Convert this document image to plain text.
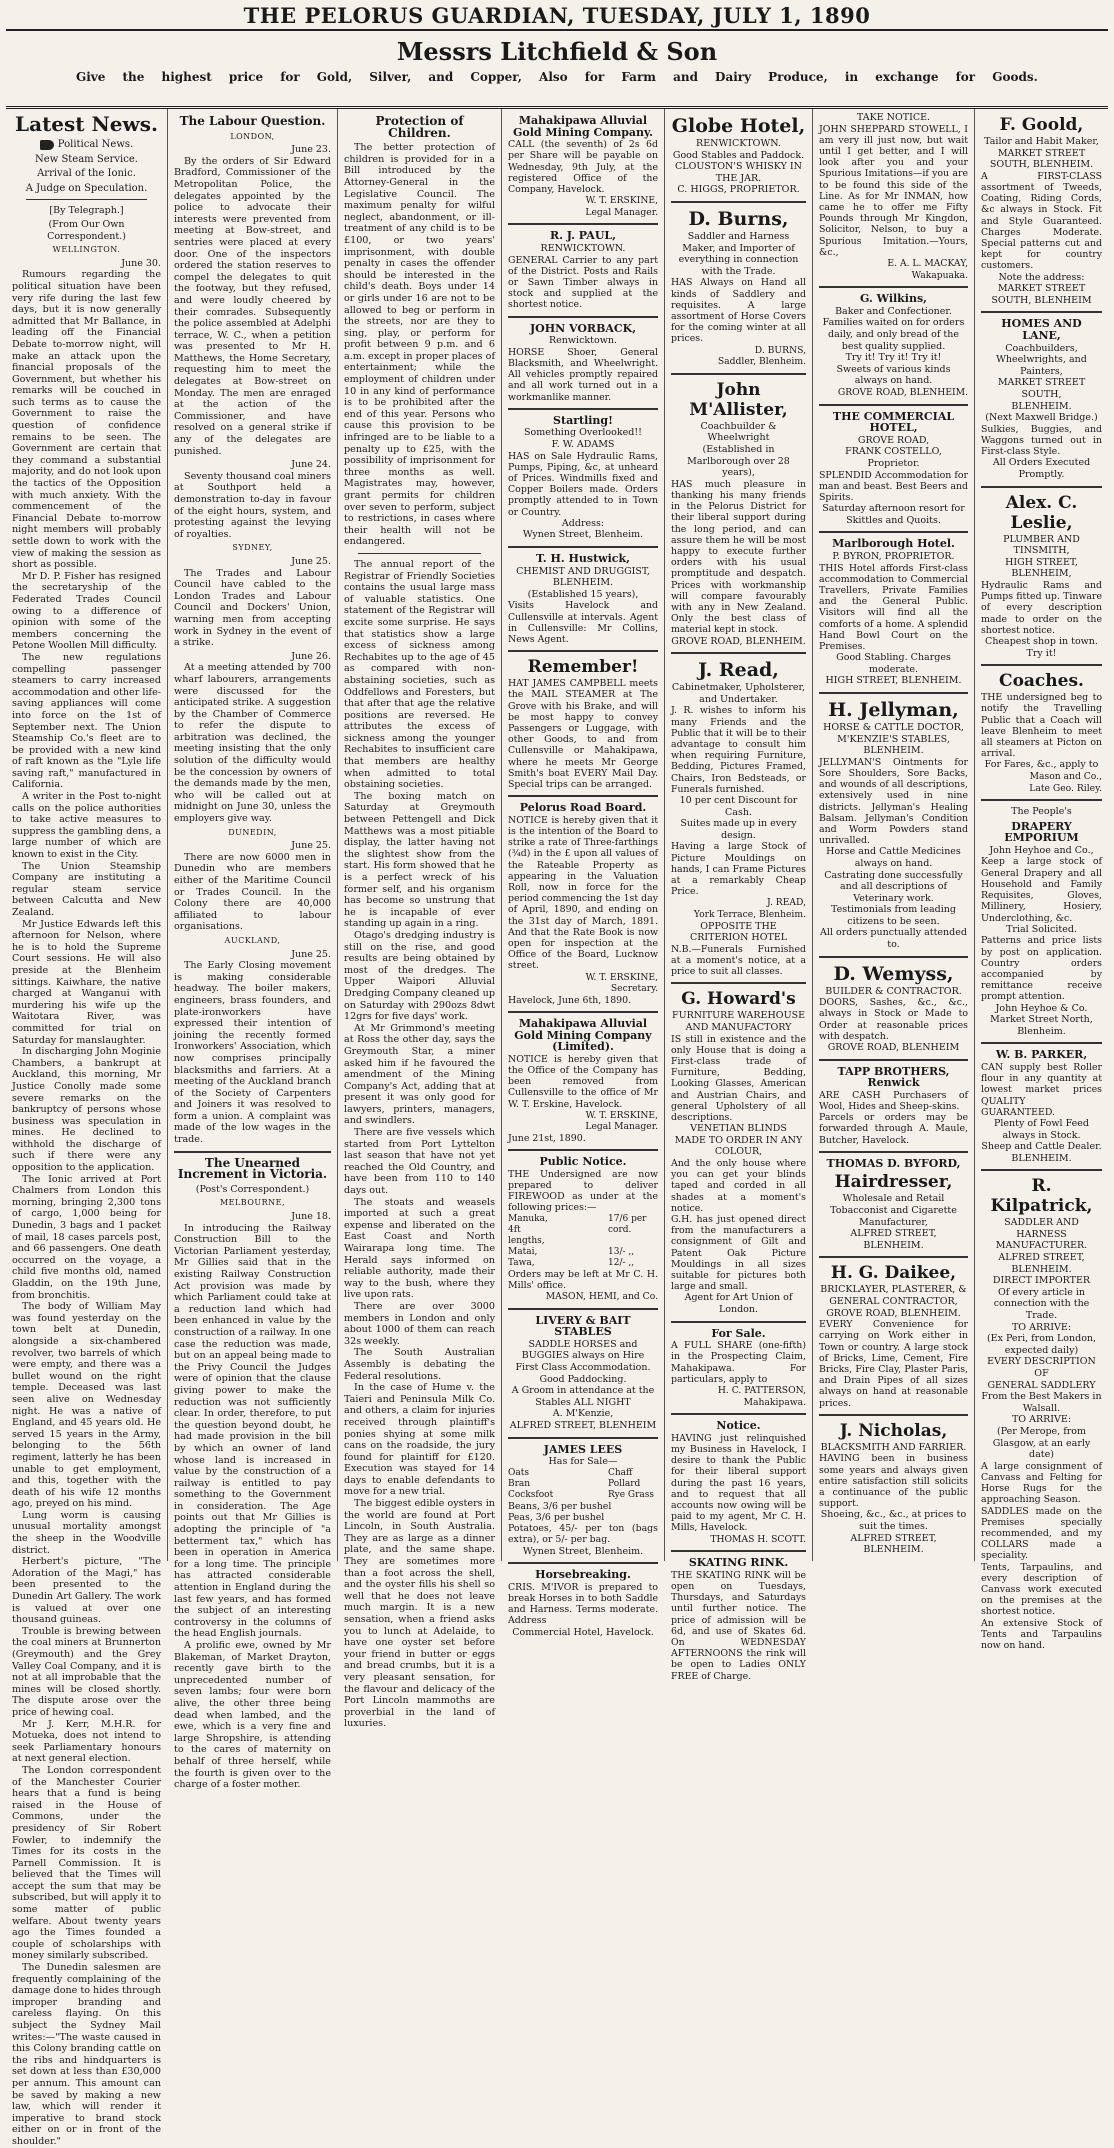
THE PELORUS GUARDIAN, TUESDAY, JULY 1, 1890
Messrs Litchfield & Son
Give the highest price for Gold, Silver, and Copper, Also for Farm and Dairy Produce, in exchange for Goods.
Latest News.
Political News.
New Steam Service.
Arrival of the Ionic.
A Judge on Speculation.
[By Telegraph.]
(From Our Own Correspondent.)
WELLINGTON.
June 30.

Rumours regarding the political situation have been very rife during the last few days, but it is now generally admitted that Mr Ballance, in leading off the Financial Debate to-morrow night, will make an attack upon the financial proposals of the Government, but whether his remarks will be couched in such terms as to cause the Government to raise the question of confidence remains to be seen. The Government are certain that they command a substantial majority, and do not look upon the tactics of the Opposition with much anxiety. With the commencement of the Financial Debate to-morrow night members will probably settle down to work with the view of making the session as short as possible.

Mr D. P. Fisher has resigned the secretaryship of the Federated Trades Council owing to a difference of opinion with some of the members concerning the Petone Woollen Mill difficulty.

The new regulations compelling passenger steamers to carry increased accommodation and other life-saving appliances will come into force on the 1st of September next. The Union Steamship Co.'s fleet are to be provided with a new kind of raft known as the "Lyle life saving raft," manufactured in California.

A writer in the Post to-night calls on the police authorities to take active measures to suppress the gambling dens, a large number of which are known to exist in the City.

The Union Steamship Company are instituting a regular steam service between Calcutta and New Zealand.

Mr Justice Edwards left this afternoon for Nelson, where he is to hold the Supreme Court sessions. He will also preside at the Blenheim sittings. Kaiwhare, the native charged at Wanganui with murdering his wife up the Waitotara River, was committed for trial on Saturday for manslaughter.

In discharging John Moginie Chambers, a bankrupt at Auckland, this morning, Mr Justice Conolly made some severe remarks on the bankruptcy of persons whose business was speculation in mines. He declined to withhold the discharge of such if there were any opposition to the application.

The Ionic arrived at Port Chalmers from London this morning, bringing 2,300 tons of cargo, 1,000 being for Dunedin, 3 bags and 1 packet of mail, 18 cases parcels post, and 66 passengers. One death occurred on the voyage, a child five months old, named Gladdin, on the 19th June, from bronchitis.

The body of William May was found yesterday on the town belt at Dunedin, alongside a six-chambered revolver, two barrels of which were empty, and there was a bullet wound on the right temple. Deceased was last seen alive on Wednesday night. He was a native of England, and 45 years old. He served 15 years in the Army, belonging to the 56th regiment, latterly he has been unable to get employment, and this, together with the death of his wife 12 months ago, preyed on his mind.

Lung worm is causing unusual mortality amongst the sheep in the Woodville district.

Herbert's picture, "The Adoration of the Magi," has been presented to the Dunedin Art Gallery. The work is valued at over one thousand guineas.

Trouble is brewing between the coal miners at Brunnerton (Greymouth) and the Grey Valley Coal Company, and it is not at all improbable that the mines will be closed shortly. The dispute arose over the price of hewing coal.

Mr J. Kerr, M.H.R. for Motueka, does not intend to seek Parliamentary honours at next general election.

The London correspondent of the Manchester Courier hears that a fund is being raised in the House of Commons, under the presidency of Sir Robert Fowler, to indemnify the Times for its costs in the Parnell Commission. It is believed that the Times will accept the sum that may be subscribed, but will apply it to some matter of public welfare. About twenty years ago the Times founded a couple of scholarships with money similarly subscribed.

The Dunedin salesmen are frequently complaining of the damage done to hides through improper branding and careless flaying. On this subject the Sydney Mail writes:—"The waste caused in this Colony branding cattle on the ribs and hindquarters is set down at less than £30,000 per annum. This amount can be saved by making a new law, which will render it imperative to brand stock either on or in front of the shoulder."

The Labour Question.
LONDON,
June 23.

By the orders of Sir Edward Bradford, Commissioner of the Metropolitan Police, the delegates appointed by the police to advocate their interests were prevented from meeting at Bow-street, and sentries were placed at every door. One of the inspectors ordered the station reserves to compel the delegates to quit the footway, but they refused, and were loudly cheered by their comrades. Subsequently the police assembled at Adelphi terrace, W. C., when a petition was presented to Mr H. Matthews, the Home Secretary, requesting him to meet the delegates at Bow-street on Monday. The men are enraged at the action of the Commissioner, and have resolved on a general strike if any of the delegates are punished.

June 24.

Seventy thousand coal miners at Southport held a demonstration to-day in favour of the eight hours, system, and protesting against the levying of royalties.

SYDNEY,
June 25.

The Trades and Labour Council have cabled to the London Trades and Labour Council and Dockers' Union, warning men from accepting work in Sydney in the event of a strike.

June 26.

At a meeting attended by 700 wharf labourers, arrangements were discussed for the anticipated strike. A suggestion by the Chamber of Commerce to refer the dispute to arbitration was declined, the meeting insisting that the only solution of the difficulty would be the concession by owners of the demands made by the men, who will be called out at midnight on June 30, unless the employers give way.

DUNEDIN,
June 25.

There are now 6000 men in Dunedin who are members either of the Maritime Council or Trades Council. In the Colony there are 40,000 affiliated to labour organisations.

AUCKLAND,
June 25.

The Early Closing movement is making considerable headway. The boiler makers, engineers, brass founders, and plate-ironworkers have expressed their intention of joining the recently formed Ironworkers' Association, which now comprises principally blacksmiths and farriers. At a meeting of the Auckland branch of the Society of Carpenters and Joiners it was resolved to form a union. A complaint was made of the low wages in the trade.

The Unearned Increment in Victoria.
(Post's Correspondent.)
MELBOURNE,
June 18.

In introducing the Railway Construction Bill to the Victorian Parliament yesterday, Mr Gillies said that in the existing Railway Construction Act provision was made by which Parliament could take at a reduction land which had been enhanced in value by the construction of a railway. In one case the reduction was made, but on an appeal being made to the Privy Council the Judges were of opinion that the clause giving power to make the reduction was not sufficiently clear. In order, therefore, to put the question beyond doubt, he had made provision in the bill by which an owner of land whose land is increased in value by the construction of a railway is entitled to pay something to the Government in consideration. The Age points out that Mr Gillies is adopting the principle of "a betterment tax," which has been in operation in America for a long time. The principle has attracted considerable attention in England during the last few years, and has formed the subject of an interesting controversy in the columns of the head English journals.

A prolific ewe, owned by Mr Blakeman, of Market Drayton, recently gave birth to the unprecedented number of seven lambs; four were born alive, the other three being dead when lambed, and the ewe, which is a very fine and large Shropshire, is attending to the cares of maternity on behalf of three herself, while the fourth is given over to the charge of a foster mother.

Protection of Children.

The better protection of children is provided for in a Bill introduced by the Attorney-General in the Legislative Council. The maximum penalty for wilful neglect, abandonment, or ill-treatment of any child is to be £100, or two years' imprisonment, with double penalty in cases the offender should be interested in the child's death. Boys under 14 or girls under 16 are not to be allowed to beg or perform in the streets, nor are they to sing, play, or perform for profit between 9 p.m. and 6 a.m. except in proper places of entertainment; while the employment of children under 10 in any kind of performance is to be prohibited after the end of this year. Persons who cause this provision to be infringed are to be liable to a penalty up to £25, with the possibility of imprisonment for three months as well. Magistrates may, however, grant permits for children over seven to perform, subject to restrictions, in cases where their health will not be endangered.

The annual report of the Registrar of Friendly Societies contains the usual large mass of valuable statistics. One statement of the Registrar will excite some surprise. He says that statistics show a large excess of sickness among Rechabites up to the age of 45 as compared with non-abstaining societies, such as Oddfellows and Foresters, but that after that age the relative positions are reversed. He attributes the excess of sickness among the younger Rechabites to insufficient care that members are healthy when admitted to total obstaining societies.

The boxing match on Saturday at Greymouth between Pettengell and Dick Matthews was a most pitiable display, the latter having not the slightest show from the start. His form showed that he is a perfect wreck of his former self, and his organism has become so unstrung that he is incapable of ever standing up again in a ring.

Otago's dredging industry is still on the rise, and good results are being obtained by most of the dredges. The Upper Waipori Alluvial Dredging Company cleaned up on Saturday with 290ozs 8dwt 12grs for five days' work.

At Mr Grimmond's meeting at Ross the other day, says the Greymouth Star, a miner asked him if he favoured the amendment of the Mining Company's Act, adding that at present it was only good for lawyers, printers, managers, and swindlers.

There are five vessels which started from Port Lyttelton last season that have not yet reached the Old Country, and have been from 110 to 140 days out.

The stoats and weasels imported at such a great expense and liberated on the East Coast and North Wairarapa long time. The Herald says informed on reliable authority, made their way to the bush, where they live upon rats.

There are over 3000 members in London and only about 1000 of them can reach 32s weekly.

The South Australian Assembly is debating the Federal resolutions.

In the case of Hume v. the Taieri and Peninsula Milk Co. and others, a claim for injuries received through plaintiff's ponies shying at some milk cans on the roadside, the jury found for plaintiff for £120. Execution was stayed for 14 days to enable defendants to move for a new trial.

The biggest edible oysters in the world are found at Port Lincoln, in South Australia. They are as large as a dinner plate, and the same shape. They are sometimes more than a foot across the shell, and the oyster fills his shell so well that he does not leave much margin. It is a new sensation, when a friend asks you to lunch at Adelaide, to have one oyster set before your friend in butter or eggs and bread crumbs, but it is a very pleasant sensation, for the flavour and delicacy of the Port Lincoln mammoths are proverbial in the land of luxuries.

Mahakipawa Alluvial Gold Mining Company.
CALL (the seventh) of 2s 6d per Share will be payable on Wednesday, 9th July, at the registered Office of the Company, Havelock.
W. T. ERSKINE,
Legal Manager.
R. J. PAUL,
RENWICKTOWN.
GENERAL Carrier to any part of the District. Posts and Rails or Sawn Timber always in stock and supplied at the shortest notice.
JOHN VORBACK,
Renwicktown.
HORSE Shoer, General Blacksmith, and Wheelwright. All vehicles promptly repaired and all work turned out in a workmanlike manner.
Startling!
Something Overlooked!!
F. W. ADAMS
HAS on Sale Hydraulic Rams, Pumps, Piping, &c, at unheard of Prices. Windmills fixed and Copper Boilers made. Orders promptly attended to in Town or Country.
Address:
Wynen Street, Blenheim.
T. H. Hustwick,
CHEMIST AND DRUGGIST,
BLENHEIM.
(Established 15 years),
Visits Havelock and Cullensville at intervals. Agent in Cullensville: Mr Collins, News Agent.
Remember!
HAT JAMES CAMPBELL meets the MAIL STEAMER at The Grove with his Brake, and will be most happy to convey Passengers or Luggage, with other Goods, to and from Cullensville or Mahakipawa, where he meets Mr George Smith's boat EVERY Mail Day. Special trips can be arranged.
Pelorus Road Board.
NOTICE is hereby given that it is the intention of the Board to strike a rate of Three-farthings (¾d) in the £ upon all values of the Rateable Property as appearing in the Valuation Roll, now in force for the period commencing the 1st day of April, 1890, and ending on the 31st day of March, 1891. And that the Rate Book is now open for inspection at the Office of the Board, Lucknow street.
W. T. ERSKINE,
Secretary.
Havelock, June 6th, 1890.
Mahakipawa Alluvial Gold Mining Company (Limited).
NOTICE is hereby given that the Office of the Company has been removed from Cullensville to the office of Mr W. T. Erskine, Havelock.
W. T. ERSKINE,
Legal Manager.
June 21st, 1890.
Public Notice.
THE Undersigned are now prepared to deliver FIREWOOD as under at the following prices:—
Manuka, 4ft lengths,
17/6 per cord.
Matai,	13/- ,,
Tawa,	12/- ,,
Orders may be left at Mr C. H. Mills' office.
MASON, HEMI, and Co.
LIVERY & BAIT STABLES
SADDLE HORSES and BUGGIES always on Hire
First Class Accommodation.
Good Paddocking.
A Groom in attendance at the Stables ALL NIGHT
A. M'Kenzie,
ALFRED STREET, BLENHEIM
JAMES LEES
Has for Sale—
Oats	Chaff
Bran	Pollard
Cocksfoot	Rye Grass
Beans, 3/6 per bushel
Peas, 3/6 per bushel
Potatoes, 45/- per ton (bags extra), or 5/- per bag.
Wynen Street, Blenheim.
Horsebreaking.
CRIS. M'IVOR is prepared to break Horses in to both Saddle and Harness. Terms moderate. Address
Commercial Hotel, Havelock.
Globe Hotel,
RENWICKTOWN.
Good Stables and Paddock.
CLOUSTON'S WHISKY IN THE JAR.
C. HIGGS, PROPRIETOR.
D. Burns,
Saddler and Harness Maker, and Importer of everything in connection with the Trade.
HAS Always on Hand all kinds of Saddlery and requisites. A large assortment of Horse Covers for the coming winter at all prices.
D. BURNS,
Saddler, Blenheim.
John M'Allister,
Coachbuilder & Wheelwright
(Established in Marlborough over 28 years),
HAS much pleasure in thanking his many friends in the Pelorus District for their liberal support during the long period, and can assure them he will be most happy to execute further orders with his usual promptitude and despatch. Prices with workmanship will compare favourably with any in New Zealand. Only the best class of material kept in stock.
GROVE ROAD, BLENHEIM.
J. Read,
Cabinetmaker, Upholsterer, and Undertaker.
J. R. wishes to inform his many Friends and the Public that it will be to their advantage to consult him when requiring Furniture, Bedding, Pictures Framed, Chairs, Iron Bedsteads, or Funerals furnished.
10 per cent Discount for Cash.
Suites made up in every design.
Having a large Stock of Picture Mouldings on hands, I can Frame Pictures at a remarkably Cheap Price.
J. READ,
York Terrace, Blenheim.
OPPOSITE THE CRITERION HOTEL
N.B.—Funerals Furnished at a moment's notice, at a price to suit all classes.
G. Howard's
FURNITURE WAREHOUSE
AND MANUFACTORY
IS still in existence and the only House that is doing a First-class trade of Furniture, Bedding, Looking Glasses, American and Austrian Chairs, and general Upholstery of all descriptions.
VENETIAN BLINDS
MADE TO ORDER IN ANY COLOUR,
And the only house where you can get your blinds taped and corded in all shades at a moment's notice.
G.H. has just opened direct from the manufacturers a consignment of Gilt and Patent Oak Picture Mouldings in all sizes suitable for pictures both large and small.
Agent for Art Union of London.
For Sale.
A FULL SHARE (one-fifth) in the Prospecting Claim, Mahakipawa. For particulars, apply to
H. C. PATTERSON,
Mahakipawa.
Notice.
HAVING just relinquished my Business in Havelock, I desire to thank the Public for their liberal support during the past 16 years, and to request that all accounts now owing will be paid to my agent, Mr C. H. Mills, Havelock.
THOMAS H. SCOTT.
SKATING RINK.
THE SKATING RINK will be open on Tuesdays, Thursdays, and Saturdays until further notice. The price of admission will be 6d, and use of Skates 6d. On WEDNESDAY AFTERNOONS the rink will be open to Ladies ONLY FREE of Charge.
TAKE NOTICE.
JOHN SHEPPARD STOWELL, I am very ill just now, but wait until I get better, and I will look after you and your Spurious Imitations—if you are to be found this side of the Line. As for Mr INMAN, how came he to offer me Fifty Pounds through Mr Kingdon, Solicitor, Nelson, to buy a Spurious Imitation.—Yours, &c.,
E. A. L. MACKAY,
Wakapuaka.
G. Wilkins,
Baker and Confectioner.
Families waited on for orders daily, and only bread of the best quality supplied.
Try it! Try it! Try it!
Sweets of various kinds always on hand.
GROVE ROAD, BLENHEIM.
THE COMMERCIAL HOTEL,
GROVE ROAD,
FRANK COSTELLO, Proprietor.
SPLENDID Accommodation for man and beast. Best Beers and Spirits.
Saturday afternoon resort for Skittles and Quoits.
Marlborough Hotel.
P. BYRON, PROPRIETOR.
THIS Hotel affords First-class accommodation to Commercial Travellers, Private Families and the General Public. Visitors will find all the comforts of a home. A splendid Hand Bowl Court on the Premises.
Good Stabling. Charges moderate.
HIGH STREET, BLENHEIM.
H. Jellyman,
HORSE & CATTLE DOCTOR,
M'KENZIE'S STABLES, BLENHEIM.
JELLYMAN'S Ointments for Sore Shoulders, Sore Backs, and wounds of all descriptions, extensively used in nine districts. Jellyman's Healing Balsam. Jellyman's Condition and Worm Powders stand unrivalled.
Horse and Cattle Medicines always on hand.
Castrating done successfully and all descriptions of Veterinary work.
Testimonials from leading citizens to be seen.
All orders punctually attended to.
D. Wemyss,
BUILDER & CONTRACTOR.
DOORS, Sashes, &c., &c., always in Stock or Made to Order at reasonable prices with despatch.
GROVE ROAD, BLENHEIM
TAPP BROTHERS, Renwick
ARE CASH Purchasers of Wool, Hides and Sheep-skins.
Parcels or orders may be forwarded through A. Maule, Butcher, Havelock.
THOMAS D. BYFORD,
Hairdresser,
Wholesale and Retail
Tobacconist and Cigarette Manufacturer,
ALFRED STREET, BLENHEIM.
H. G. Daikee,
BRICKLAYER, PLASTERER, & GENERAL CONTRACTOR,
GROVE ROAD, BLENHEIM.
EVERY Convenience for carrying on Work either in Town or country. A large stock of Bricks, Lime, Cement, Fire Bricks, Fire Clay, Plaster Paris, and Drain Pipes of all sizes always on hand at reasonable prices.
J. Nicholas,
BLACKSMITH AND FARRIER.
HAVING been in business some years and always given entire satisfaction still solicits a continuance of the public support.
Shoeing, &c., &c., at prices to suit the times.
ALFRED STREET, BLENHEIM.
F. Goold,
Tailor and Habit Maker,
MARKET STREET SOUTH, BLENHEIM.
A FIRST-CLASS assortment of Tweeds, Coating, Riding Cords, &c always in Stock. Fit and Style Guaranteed. Charges Moderate. Special patterns cut and kept for country customers.
Note the address:
MARKET STREET SOUTH, BLENHEIM
HOMES AND LANE,
Coachbuilders, Wheelwrights, and Painters,
MARKET STREET SOUTH,
BLENHEIM.
(Next Maxwell Bridge.)
Sulkies, Buggies, and Waggons turned out in First-class Style.
All Orders Executed Promptly.
Alex. C. Leslie,
PLUMBER AND TINSMITH,
HIGH STREET, BLENHEIM,
Hydraulic Rams and Pumps fitted up. Tinware of every description made to order on the shortest notice.
Cheapest shop in town.
Try it!
Coaches.
THE undersigned beg to notify the Travelling Public that a Coach will leave Blenheim to meet all steamers at Picton on arrival.
For Fares, &c., apply to
Mason and Co.,
Late Geo. Riley.
The People's
DRAPERY EMPORIUM
John Heyhoe and Co.,
Keep a large stock of General Drapery and all Household and Family Requisites, Gloves, Millinery, Hosiery, Underclothing, &c.
Trial Solicited.
Patterns and price lists by post on application. Country orders accompanied by remittance receive prompt attention.
John Heyhoe & Co.
Market Street North, Blenheim.
W. B. PARKER,
CAN supply best Roller flour in any quantity at lowest market prices QUALITY GUARANTEED.
Plenty of Fowl Feed always in Stock.
Sheep and Cattle Dealer.
BLENHEIM.
R. Kilpatrick,
SADDLER AND HARNESS MANUFACTURER.
ALFRED STREET, BLENHEIM.
DIRECT IMPORTER
Of every article in connection with the Trade.
TO ARRIVE:
(Ex Peri, from London, expected daily)
EVERY DESCRIPTION
OF
GENERAL SADDLERY
From the Best Makers in Walsall.
TO ARRIVE:
(Per Merope, from Glasgow, at an early date)
A large consignment of Canvass and Felting for Horse Rugs for the approaching Season.
SADDLES made on the Premises specially recommended, and my COLLARS made a speciality.
Tents, Tarpaulins, and every description of Canvass work executed on the premises at the shortest notice.
An extensive Stock of Tents and Tarpaulins now on hand.
